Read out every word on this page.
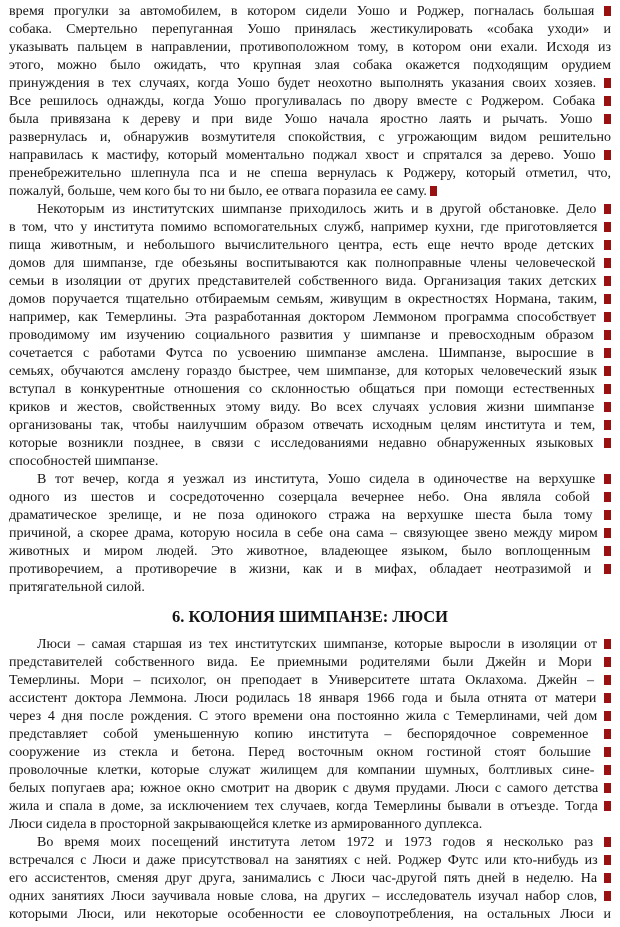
время прогулки за автомобилем, в котором сидели Уошо и Роджер, погналась большая
собака. Смертельно перепуганная Уошо принялась жестикулировать «собака уходи» и
указывать пальцем в направлении, противоположном тому, в котором они ехали. Исходя из
этого, можно было ожидать, что крупная злая собака окажется подходящим орудием
принуждения в тех случаях, когда Уошо будет неохотно выполнять указания своих хозяев.
Все решилось однажды, когда Уошо прогуливалась по двору вместе с Роджером. Собака
была привязана к дереву и при виде Уошо начала яростно лаять и рычать. Уошо
развернулась и, обнаружив возмутителя спокойствия, с угрожающим видом решительно
направилась к мастифу, который моментально поджал хвост и спрятался за дерево. Уошо
пренебрежительно шлепнула пса и не спеша вернулась к Роджеру, который отметил, что,
пожалуй, больше, чем кого бы то ни было, ее отвага поразила ее саму.
Некоторым из институтских шимпанзе приходилось жить и в другой обстановке. Дело
в том, что у института помимо вспомогательных служб, например кухни, где приготовляется
пища животным, и небольшого вычислительного центра, есть еще нечто вроде детских
домов для шимпанзе, где обезьяны воспитываются как полноправные члены человеческой
семьи в изоляции от других представителей собственного вида. Организация таких детских
домов поручается тщательно отбираемым семьям, живущим в окрестностях Нормана, таким,
например, как Темерлины. Эта разработанная доктором Леммоном программа способствует
проводимому им изучению социального развития у шимпанзе и превосходным образом
сочетается с работами Футса по усвоению шимпанзе амслена. Шимпанзе, выросшие в
семьях, обучаются амслену гораздо быстрее, чем шимпанзе, для которых человеческий язык
вступал в конкурентные отношения со склонностью общаться при помощи естественных
криков и жестов, свойственных этому виду. Во всех случаях условия жизни шимпанзе
организованы так, чтобы наилучшим образом отвечать исходным целям института и тем,
которые возникли позднее, в связи с исследованиями недавно обнаруженных языковых
способностей шимпанзе.
В тот вечер, когда я уезжал из института, Уошо сидела в одиночестве на верхушке
одного из шестов и сосредоточенно созерцала вечернее небо. Она являла собой
драматическое зрелище, и не поза одинокого стража на верхушке шеста была тому
причиной, а скорее драма, которую носила в себе она сама – связующее звено между миром
животных и миром людей. Это животное, владеющее языком, было воплощенным
противоречием, а противоречие в жизни, как и в мифах, обладает неотразимой и
притягательной силой.
6. КОЛОНИЯ ШИМПАНЗЕ: ЛЮСИ
Люси – самая старшая из тех институтских шимпанзе, которые выросли в изоляции от
представителей собственного вида. Ее приемными родителями были Джейн и Мори
Темерлины. Мори – психолог, он преподает в Университете штата Оклахома. Джейн –
ассистент доктора Леммона. Люси родилась 18 января 1966 года и была отнята от матери
через 4 дня после рождения. С этого времени она постоянно жила с Темерлинами, чей дом
представляет собой уменьшенную копию института – беспорядочное современное
сооружение из стекла и бетона. Перед восточным окном гостиной стоят большие
проволочные клетки, которые служат жилищем для компании шумных, болтливых сине-
белых попугаев ара; южное окно смотрит на дворик с двумя прудами. Люси с самого детства
жила и спала в доме, за исключением тех случаев, когда Темерлины бывали в отъезде. Тогда
Люси сидела в просторной закрывающейся клетке из армированного дуплекса.
Во время моих посещений института летом 1972 и 1973 годов я несколько раз
встречался с Люси и даже присутствовал на занятиях с ней. Роджер Футс или кто-нибудь из
его ассистентов, сменяя друг друга, занимались с Люси час-другой пять дней в неделю. На
одних занятиях Люси заучивала новые слова, на других – исследователь изучал набор слов,
которыми Люси, или некоторые особенности ее словоупотребления, на остальных Люси и
